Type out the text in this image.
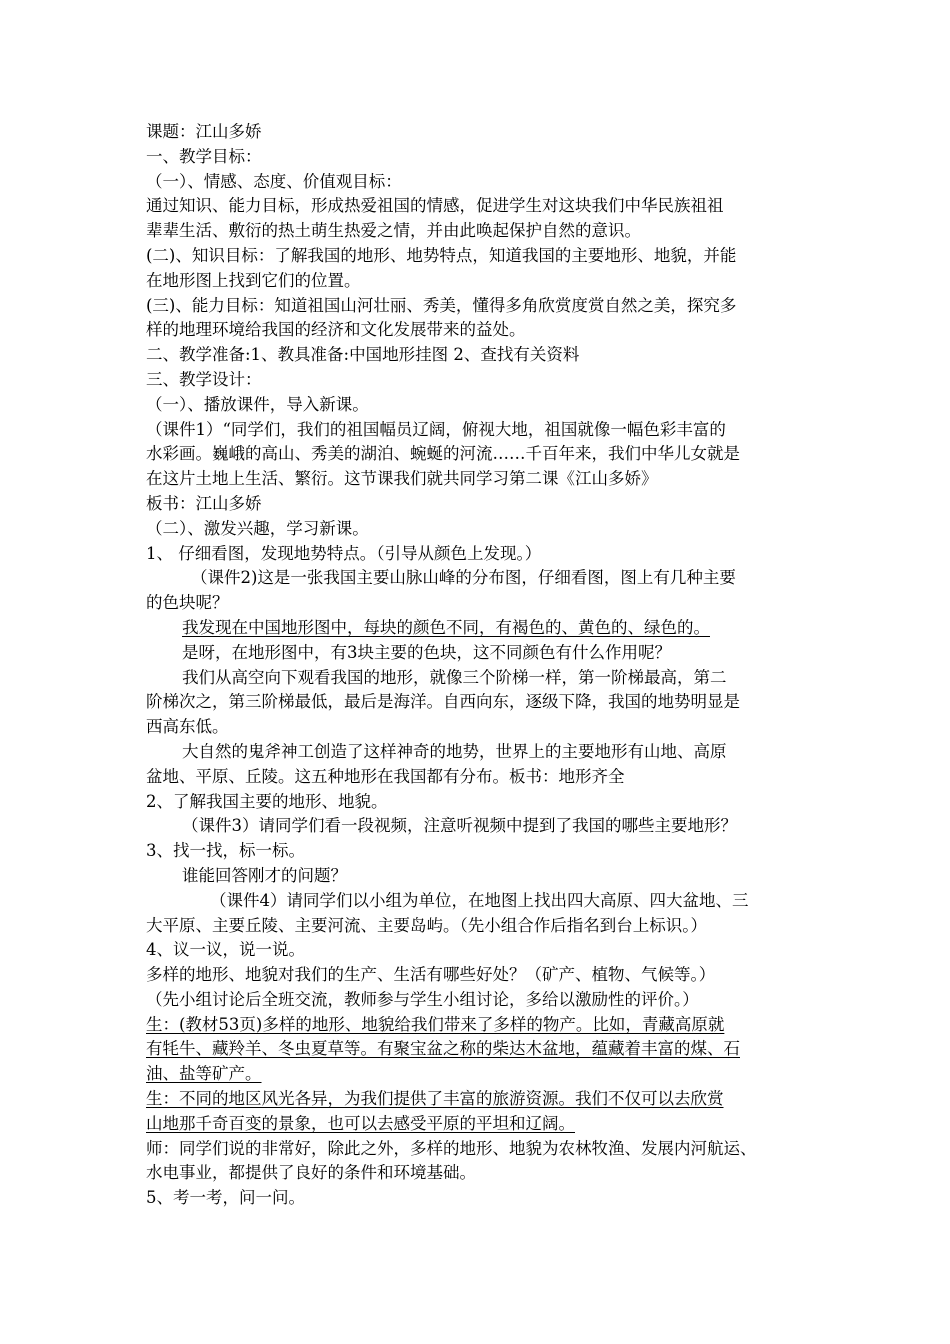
课题：江山多娇
一、教学目标：
（一）、情感、态度、价值观目标：
通过知识、能力目标，形成热爱祖国的情感，促进学生对这块我们中华民族祖祖
辈辈生活、敷衍的热土萌生热爱之情，并由此唤起保护自然的意识。
(二)、知识目标：了解我国的地形、地势特点，知道我国的主要地形、地貌，并能
在地形图上找到它们的位置。
(三)、能力目标：知道祖国山河壮丽、秀美，懂得多角欣赏度赏自然之美，探究多
样的地理环境给我国的经济和文化发展带来的益处。
二、教学准备:1、教具准备:中国地形挂图 2、查找有关资料
三、教学设计：
（一）、播放课件，导入新课。
（课件1）“同学们，我们的祖国幅员辽阔，俯视大地，祖国就像一幅色彩丰富的
水彩画。巍峨的高山、秀美的湖泊、蜿蜒的河流……千百年来，我们中华儿女就是
在这片土地上生活、繁衍。这节课我们就共同学习第二课《江山多娇》
板书：江山多娇
（二）、激发兴趣，学习新课。
1、 仔细看图，发现地势特点。（引导从颜色上发现。）
（课件2)这是一张我国主要山脉山峰的分布图，仔细看图，图上有几种主要
的色块呢？
我发现在中国地形图中，每块的颜色不同，有褐色的、黄色的、绿色的。
是呀，在地形图中，有3块主要的色块，这不同颜色有什么作用呢？
我们从高空向下观看我国的地形，就像三个阶梯一样，第一阶梯最高，第二
阶梯次之，第三阶梯最低，最后是海洋。自西向东，逐级下降，我国的地势明显是
西高东低。
大自然的鬼斧神工创造了这样神奇的地势，世界上的主要地形有山地、高原
盆地、平原、丘陵。这五种地形在我国都有分布。板书：地形齐全
2、了解我国主要的地形、地貌。
（课件3）请同学们看一段视频，注意听视频中提到了我国的哪些主要地形？
3、找一找，标一标。
谁能回答刚才的问题？
（课件4）请同学们以小组为单位，在地图上找出四大高原、四大盆地、三
大平原、主要丘陵、主要河流、主要岛屿。（先小组合作后指名到台上标识。）
4、议一议，说一说。
多样的地形、地貌对我们的生产、生活有哪些好处？（矿产、植物、气候等。）
（先小组讨论后全班交流，教师参与学生小组讨论，多给以激励性的评价。）
生：(教材53页)多样的地形、地貌给我们带来了多样的物产。比如，青藏高原就
有牦牛、藏羚羊、冬虫夏草等。有聚宝盆之称的柴达木盆地，蕴藏着丰富的煤、石
油、盐等矿产。
生：不同的地区风光各异，为我们提供了丰富的旅游资源。我们不仅可以去欣赏
山地那千奇百变的景象，也可以去感受平原的平坦和辽阔。
师：同学们说的非常好，除此之外，多样的地形、地貌为农林牧渔、发展内河航运、
水电事业，都提供了良好的条件和环境基础。
5、考一考，问一问。
